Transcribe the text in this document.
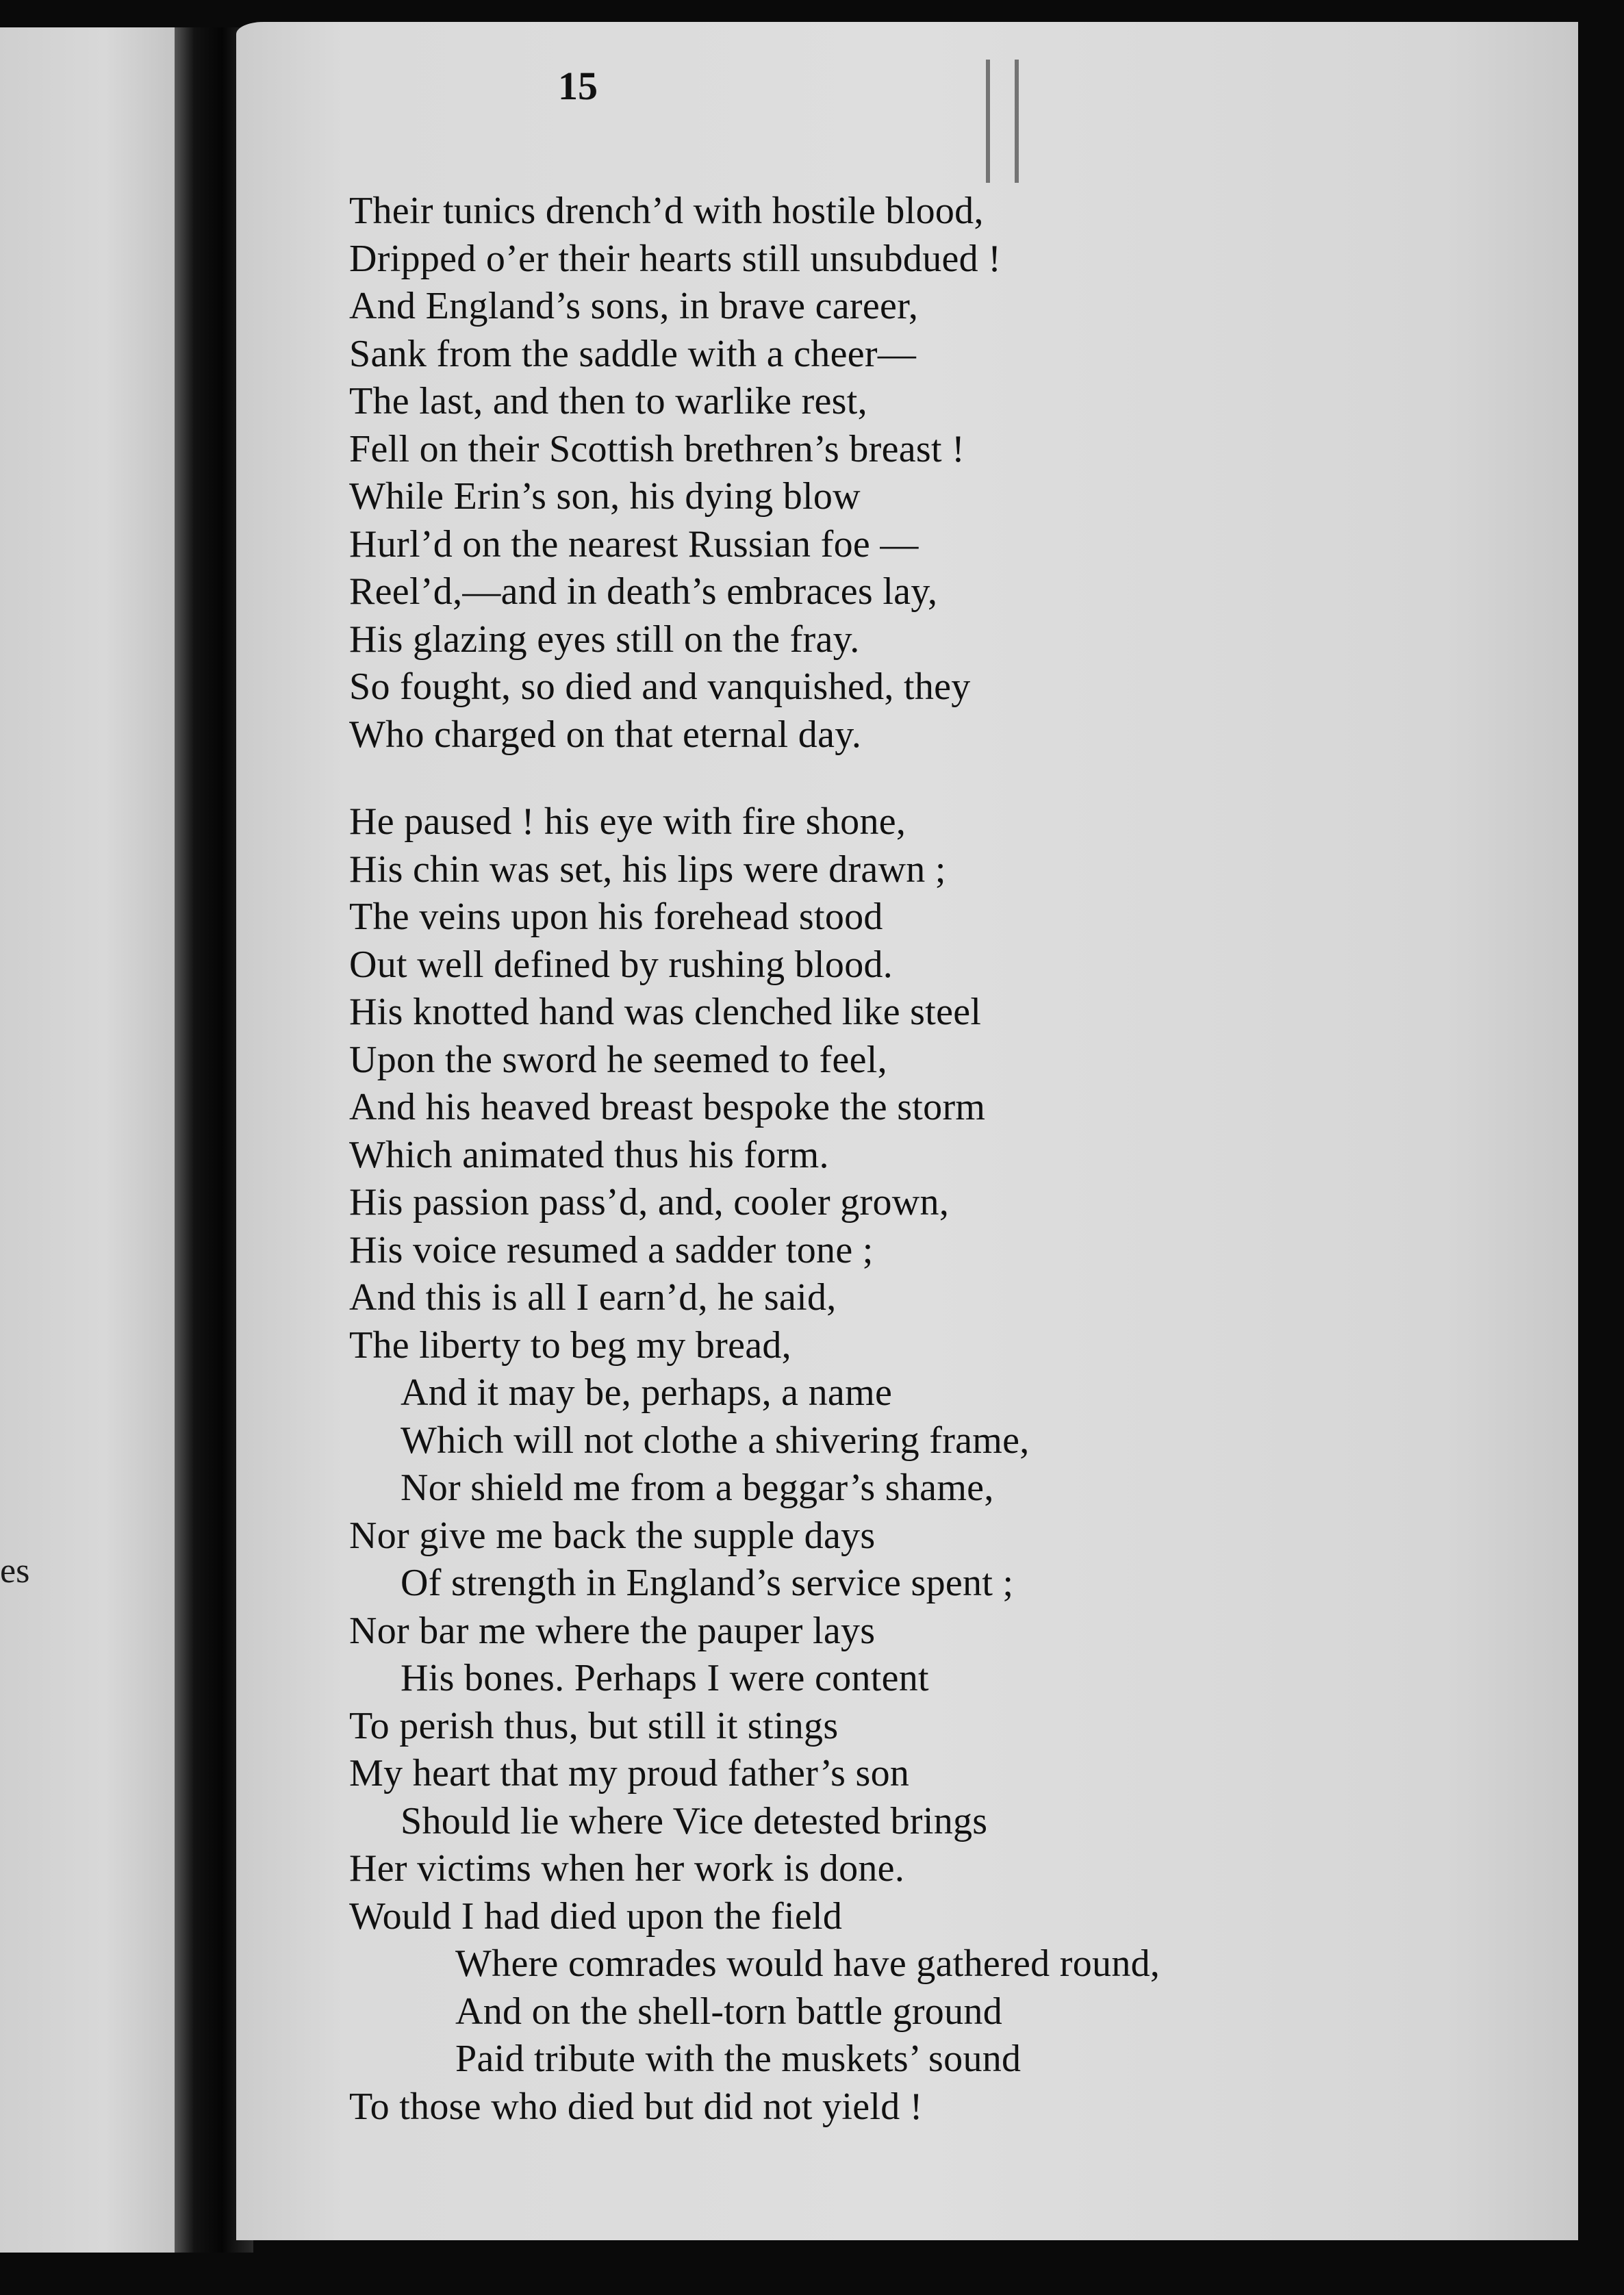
es
15
Their tunics drench’d with hostile blood,
Dripped o’er their hearts still unsubdued !
And England’s sons, in brave career,
Sank from the saddle with a cheer—
The last, and then to warlike rest,
Fell on their Scottish brethren’s breast !
While Erin’s son, his dying blow
Hurl’d on the nearest Russian foe —
Reel’d,—and in death’s embraces lay,
His glazing eyes still on the fray.
So fought, so died and vanquished, they
Who charged on that eternal day.
He paused ! his eye with fire shone,
His chin was set, his lips were drawn ;
The veins upon his forehead stood
Out well defined by rushing blood.
His knotted hand was clenched like steel
Upon the sword he seemed to feel,
And his heaved breast bespoke the storm
Which animated thus his form.
His passion pass’d, and, cooler grown,
His voice resumed a sadder tone ;
And this is all I earn’d, he said,
The liberty to beg my bread,
And it may be, perhaps, a name
Which will not clothe a shivering frame,
Nor shield me from a beggar’s shame,
Nor give me back the supple days
Of strength in England’s service spent ;
Nor bar me where the pauper lays
His bones. Perhaps I were content
To perish thus, but still it stings
My heart that my proud father’s son
Should lie where Vice detested brings
Her victims when her work is done.
Would I had died upon the field
Where comrades would have gathered round,
And on the shell-torn battle ground
Paid tribute with the muskets’ sound
To those who died but did not yield !
